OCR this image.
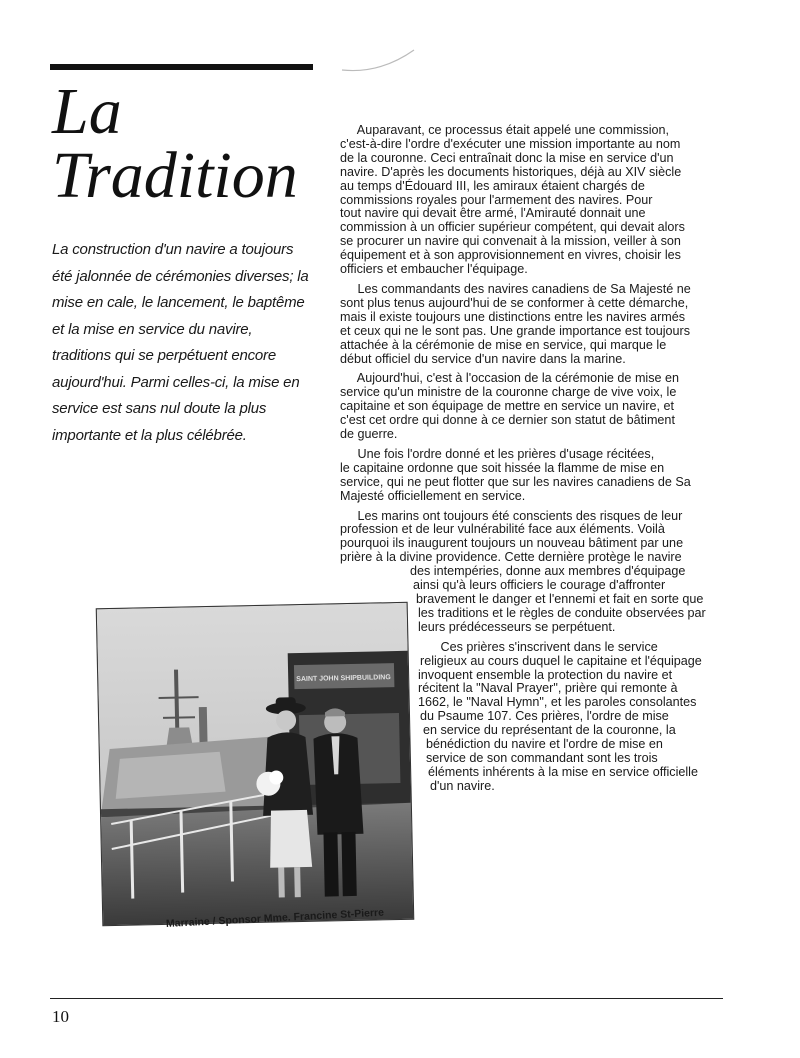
La
Tradition

La construction d'un navire a toujours été jalonnée de cérémonies diverses; la mise en cale, le lancement, le baptême et la mise en service du navire, traditions qui se perpétuent encore aujourd'hui. Parmi celles-ci, la mise en service est sans nul doute la plus importante et la plus célébrée.

Auparavant, ce processus était appelé une commission,
c'est-à-dire l'ordre d'exécuter une mission importante au nom
de la couronne. Ceci entraînait donc la mise en service d'un
navire. D'après les documents historiques, déjà au XIV siècle
au temps d'Édouard III, les amiraux étaient chargés de
commissions royales pour l'armement des navires. Pour
tout navire qui devait être armé, l'Amirauté donnait une
commission à un officier supérieur compétent, qui devait alors
se procurer un navire qui convenait à la mission, veiller à son
équipement et à son approvisionnement en vivres, choisir les
officiers et embaucher l'équipage.

Les commandants des navires canadiens de Sa Majesté ne
sont plus tenus aujourd'hui de se conformer à cette démarche,
mais il existe toujours une distinctions entre les navires armés
et ceux qui ne le sont pas. Une grande importance est toujours
attachée à la cérémonie de mise en service, qui marque le
début officiel du service d'un navire dans la marine.

Aujourd'hui, c'est à l'occasion de la cérémonie de mise en
service qu'un ministre de la couronne charge de vive voix, le
capitaine et son équipage de mettre en service un navire, et
c'est cet ordre qui donne à ce dernier son statut de bâtiment
de guerre.

Une fois l'ordre donné et les prières d'usage récitées,
le capitaine ordonne que soit hissée la flamme de mise en
service, qui ne peut flotter que sur les navires canadiens de Sa
Majesté officiellement en service.

Les marins ont toujours été conscients des risques de leur
profession et de leur vulnérabilité face aux éléments. Voilà
pourquoi ils inaugurent toujours un nouveau bâtiment par une
prière à la divine providence. Cette dernière protège le navire
des intempéries, donne aux membres d'équipage
ainsi qu'à leurs officiers le courage d'affronter
bravement le danger et l'ennemi et fait en sorte que
les traditions et le règles de conduite observées par
leurs prédécesseurs se perpétuent.

Ces prières s'inscrivent dans le service
religieux au cours duquel le capitaine et l'équipage
invoquent ensemble la protection du navire et
récitent la "Naval Prayer", prière qui remonte à
1662, le "Naval Hymn", et les paroles consolantes
du Psaume 107. Ces prières, l'ordre de mise
en service du représentant de la couronne, la
bénédiction du navire et l'ordre de mise en
service de son commandant sont les trois
éléments inhérents à la mise en service officielle
d'un navire.

SAINT JOHN SHIPBUILDING
Marraine / Sponsor Mme. Francine St-Pierre
10
